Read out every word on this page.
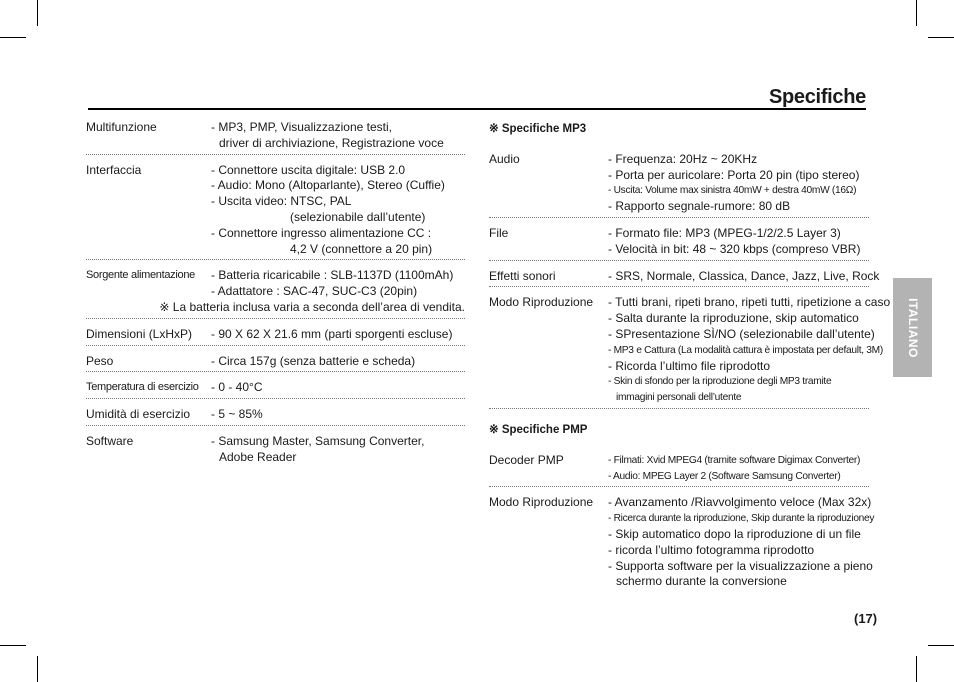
Specifiche
Multifunzione	- MP3, PMP, Visualizzazione testi,
driver di archiviazione, Registrazione voce
Interfaccia	- Connettore uscita digitale: USB 2.0
- Audio: Mono (Altoparlante), Stereo (Cuffie)
- Uscita video: NTSC, PAL
(selezionabile dall’utente)
- Connettore ingresso alimentazione CC :
4,2 V (connettore a 20 pin)
Sorgente alimentazione	- Batteria ricaricabile : SLB-1137D (1100mAh)
- Adattatore : SAC-47, SUC-C3 (20pin)
※ La batteria inclusa varia a seconda dell’area di vendita.
Dimensioni (LxHxP)	- 90 X 62 X 21.6 mm (parti sporgenti escluse)
Peso	- Circa 157g (senza batterie e scheda)
Temperatura di esercizio	- 0 - 40°C
Umidità di esercizio	- 5 ~ 85%
Software	- Samsung Master, Samsung Converter,
Adobe Reader
※ Specifiche MP3
Audio	- Frequenza: 20Hz ~ 20KHz
- Porta per auricolare: Porta 20 pin (tipo stereo)
- Uscita: Volume max sinistra 40mW + destra 40mW (16Ω)
- Rapporto segnale-rumore: 80 dB
File	- Formato file: MP3 (MPEG-1/2/2.5 Layer 3)
- Velocità in bit: 48 ~ 320 kbps (compreso VBR)
Effetti sonori	- SRS, Normale, Classica, Dance, Jazz, Live, Rock
Modo Riproduzione	- Tutti brani, ripeti brano, ripeti tutti, ripetizione a caso
- Salta durante la riproduzione, skip automatico
- SPresentazione SÌ/NO (selezionabile dall’utente)
- MP3 e Cattura (La modalità cattura è impostata per default, 3M)
- Ricorda l’ultimo file riprodotto
- Skin di sfondo per la riproduzione degli MP3 tramite
immagini personali dell’utente
※ Specifiche PMP
Decoder PMP	- Filmati: Xvid MPEG4 (tramite software Digimax Converter)
- Audio: MPEG Layer 2 (Software Samsung Converter)
Modo Riproduzione	- Avanzamento /Riavvolgimento veloce (Max 32x)
- Ricerca durante la riproduzione, Skip durante la riproduzioney
- Skip automatico dopo la riproduzione di un file
- ricorda l’ultimo fotogramma riprodotto
- Supporta software per la visualizzazione a pieno
schermo durante la conversione
ITALIANO
(17)
